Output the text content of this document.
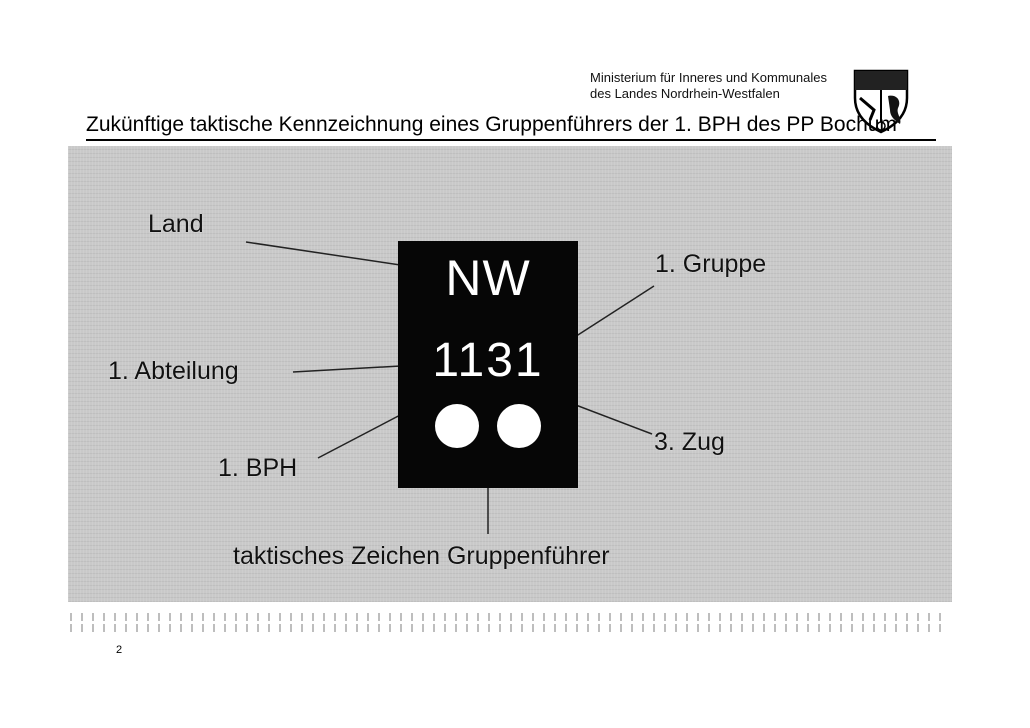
Ministerium für Inneres und Kommunales
des Landes Nordrhein-Westfalen
Zukünftige taktische Kennzeichnung eines Gruppenführers der 1. BPH des PP Bochum
NW
1131
Land
1. Abteilung
1. BPH
1. Gruppe
3. Zug
taktisches Zeichen Gruppenführer
2
